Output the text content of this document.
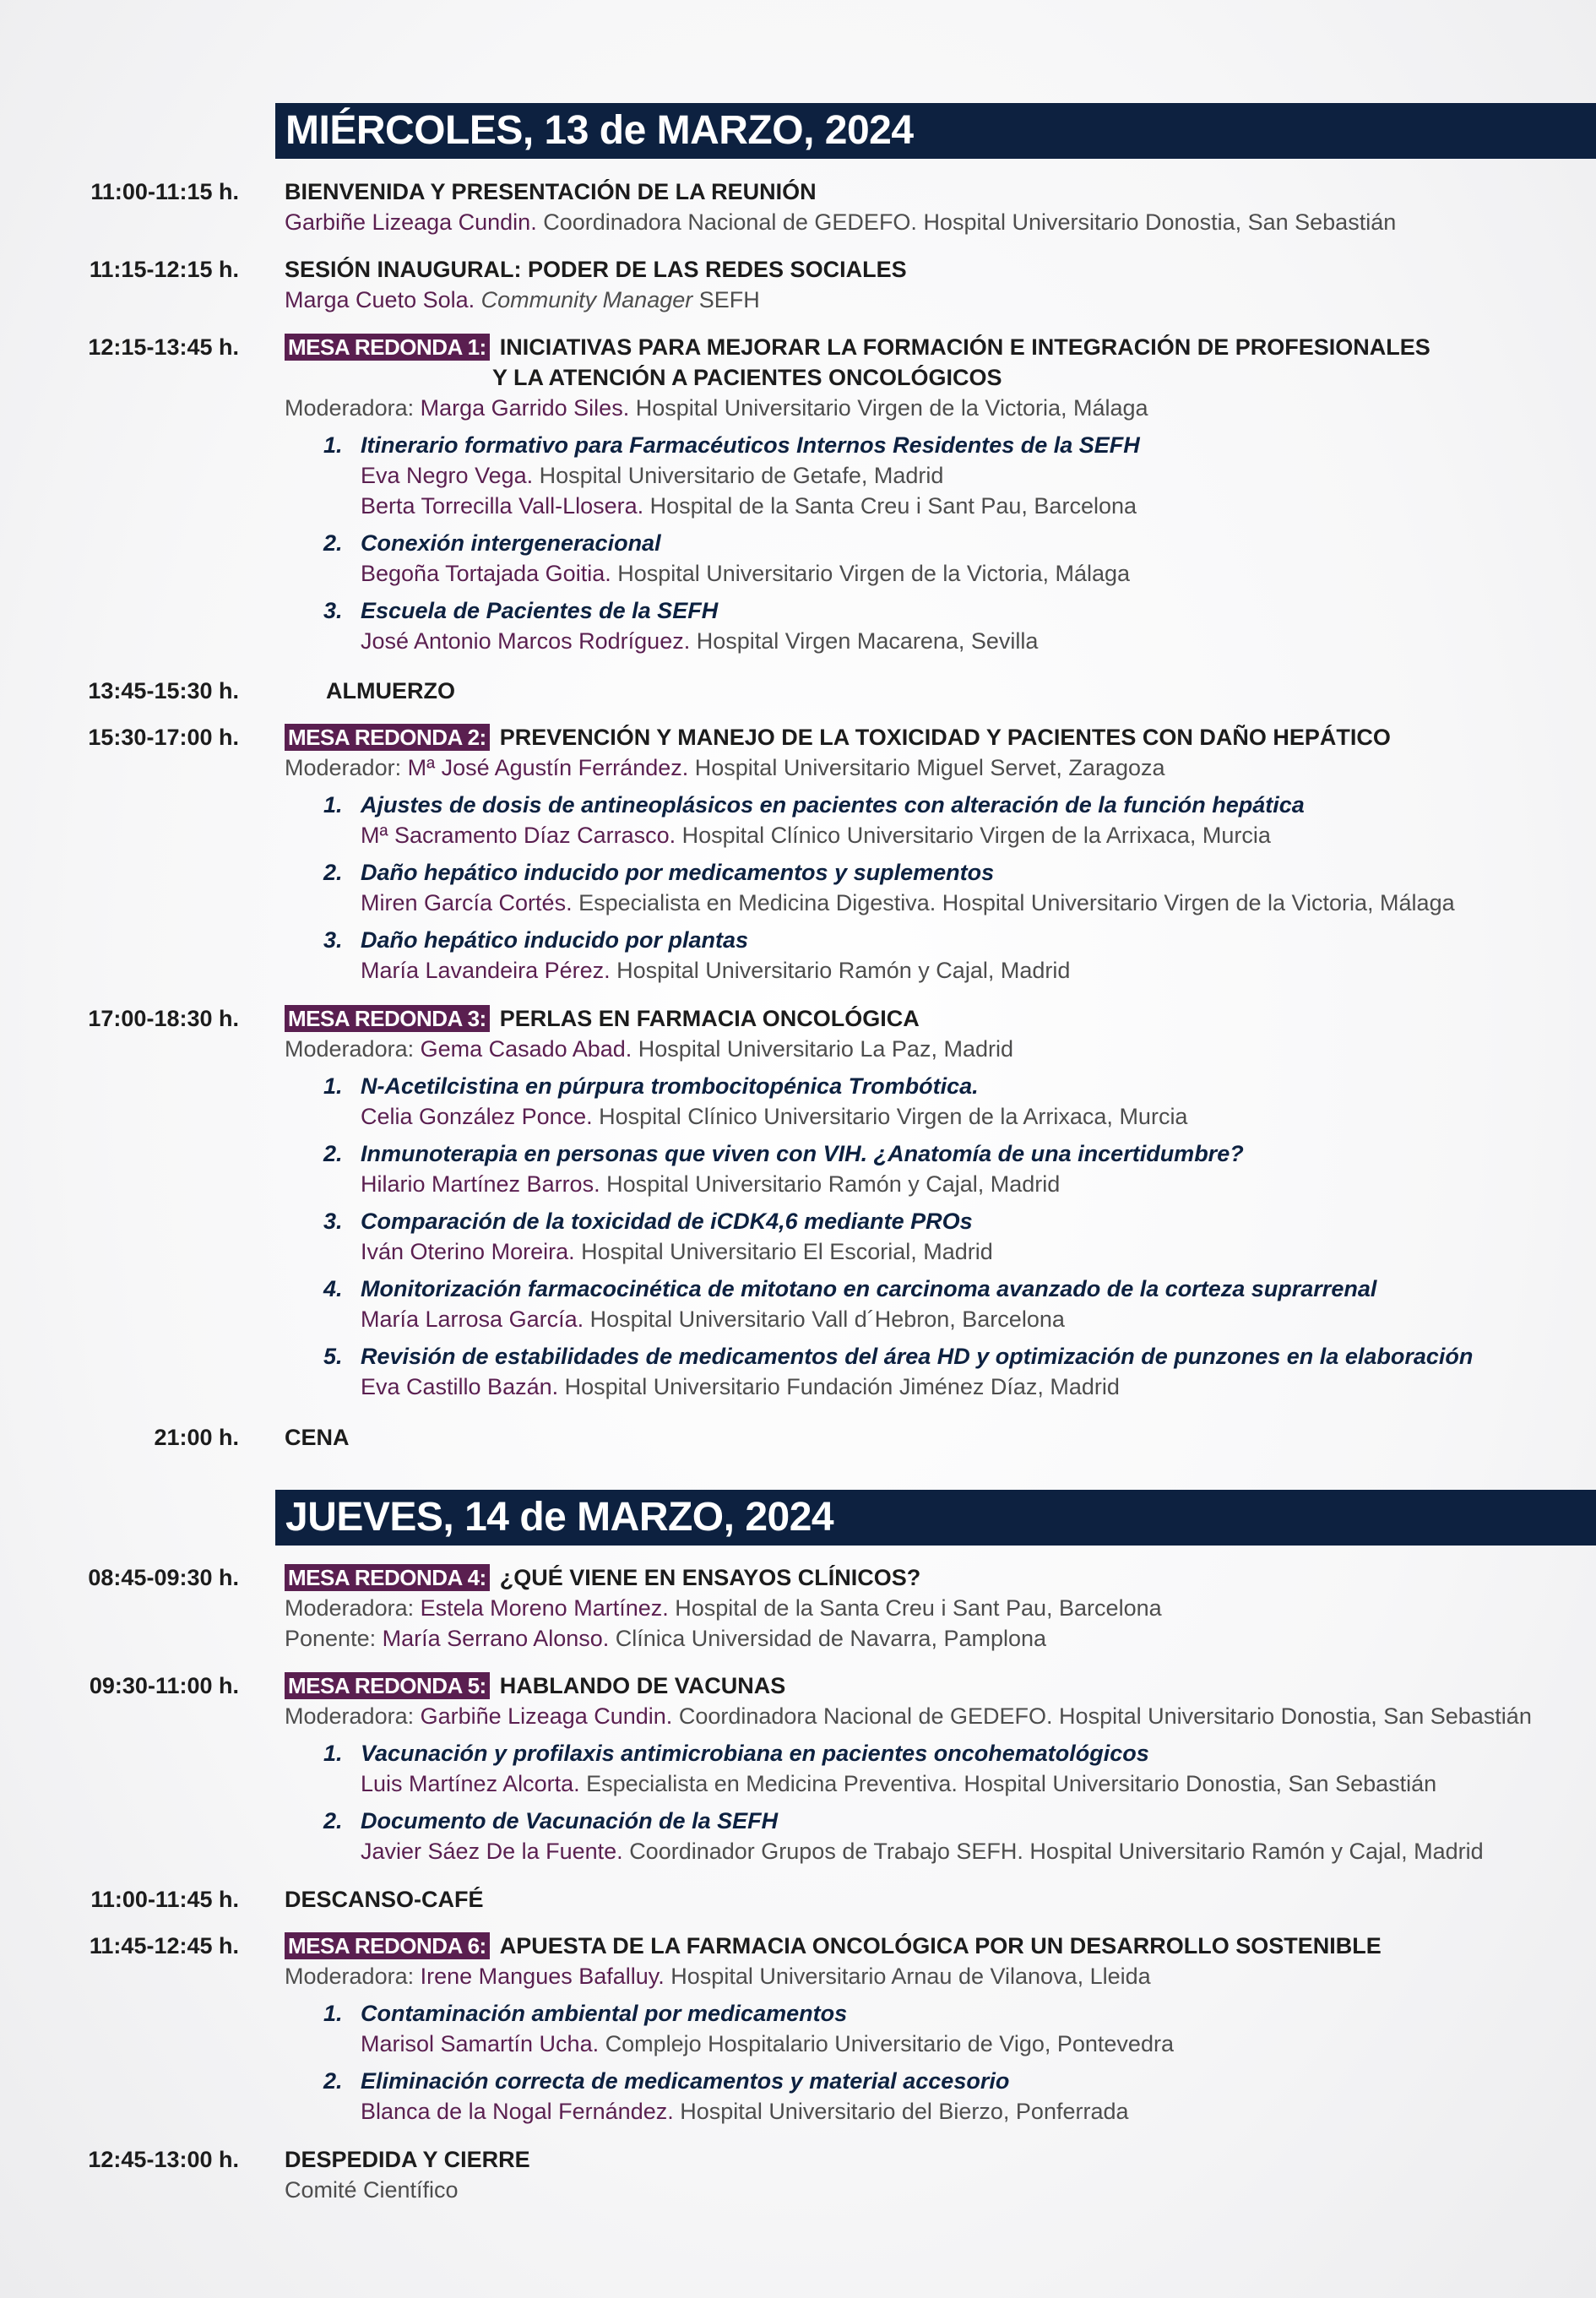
MIÉRCOLES, 13 de MARZO, 2024
11:00-11:15 h. BIENVENIDA Y PRESENTACIÓN DE LA REUNIÓN
Garbiñe Lizeaga Cundin. Coordinadora Nacional de GEDEFO. Hospital Universitario Donostia, San Sebastián
11:15-12:15 h. SESIÓN INAUGURAL: PODER DE LAS REDES SOCIALES
Marga Cueto Sola. Community Manager SEFH
12:15-13:45 h. MESA REDONDA 1: INICIATIVAS PARA MEJORAR LA FORMACIÓN E INTEGRACIÓN DE PROFESIONALES
Y LA ATENCIÓN A PACIENTES ONCOLÓGICOS
Moderadora: Marga Garrido Siles. Hospital Universitario Virgen de la Victoria, Málaga
1. Itinerario formativo para Farmacéuticos Internos Residentes de la SEFH
Eva Negro Vega. Hospital Universitario de Getafe, Madrid
Berta Torrecilla Vall-Llosera. Hospital de la Santa Creu i Sant Pau, Barcelona
2. Conexión intergeneracional
Begoña Tortajada Goitia. Hospital Universitario Virgen de la Victoria, Málaga
3. Escuela de Pacientes de la SEFH
José Antonio Marcos Rodríguez. Hospital Virgen Macarena, Sevilla
13:45-15:30 h.	ALMUERZO
15:30-17:00 h. MESA REDONDA 2: PREVENCIÓN Y MANEJO DE LA TOXICIDAD Y PACIENTES CON DAÑO HEPÁTICO
Moderador: Mª José Agustín Ferrández. Hospital Universitario Miguel Servet, Zaragoza
1. Ajustes de dosis de antineoplásicos en pacientes con alteración de la función hepática
Mª Sacramento Díaz Carrasco. Hospital Clínico Universitario Virgen de la Arrixaca, Murcia
2. Daño hepático inducido por medicamentos y suplementos
Miren García Cortés. Especialista en Medicina Digestiva. Hospital Universitario Virgen de la Victoria, Málaga
3. Daño hepático inducido por plantas
María Lavandeira Pérez. Hospital Universitario Ramón y Cajal, Madrid
17:00-18:30 h. MESA REDONDA 3: PERLAS EN FARMACIA ONCOLÓGICA
Moderadora: Gema Casado Abad. Hospital Universitario La Paz, Madrid
1. N-Acetilcistina en púrpura trombocitopénica Trombótica.
Celia González Ponce. Hospital Clínico Universitario Virgen de la Arrixaca, Murcia
2. Inmunoterapia en personas que viven con VIH. ¿Anatomía de una incertidumbre?
Hilario Martínez Barros. Hospital Universitario Ramón y Cajal, Madrid
3. Comparación de la toxicidad de iCDK4,6 mediante PROs
Iván Oterino Moreira. Hospital Universitario El Escorial, Madrid
4. Monitorización farmacocinética de mitotano en carcinoma avanzado de la corteza suprarrenal
María Larrosa García. Hospital Universitario Vall d´Hebron, Barcelona
5. Revisión de estabilidades de medicamentos del área HD y optimización de punzones en la elaboración
Eva Castillo Bazán. Hospital Universitario Fundación Jiménez Díaz, Madrid
21:00 h. CENA
JUEVES, 14 de MARZO, 2024
08:45-09:30 h. MESA REDONDA 4: ¿QUÉ VIENE EN ENSAYOS CLÍNICOS?
Moderadora: Estela Moreno Martínez. Hospital de la Santa Creu i Sant Pau, Barcelona
Ponente: María Serrano Alonso. Clínica Universidad de Navarra, Pamplona
09:30-11:00 h. MESA REDONDA 5: HABLANDO DE VACUNAS
Moderadora: Garbiñe Lizeaga Cundin. Coordinadora Nacional de GEDEFO. Hospital Universitario Donostia, San Sebastián
1. Vacunación y profilaxis antimicrobiana en pacientes oncohematológicos
Luis Martínez Alcorta. Especialista en Medicina Preventiva. Hospital Universitario Donostia, San Sebastián
2. Documento de Vacunación de la SEFH
Javier Sáez De la Fuente. Coordinador Grupos de Trabajo SEFH. Hospital Universitario Ramón y Cajal, Madrid
11:00-11:45 h. DESCANSO-CAFÉ
11:45-12:45 h. MESA REDONDA 6: APUESTA DE LA FARMACIA ONCOLÓGICA POR UN DESARROLLO SOSTENIBLE
Moderadora: Irene Mangues Bafalluy. Hospital Universitario Arnau de Vilanova, Lleida
1. Contaminación ambiental por medicamentos
Marisol Samartín Ucha. Complejo Hospitalario Universitario de Vigo, Pontevedra
2. Eliminación correcta de medicamentos y material accesorio
Blanca de la Nogal Fernández. Hospital Universitario del Bierzo, Ponferrada
12:45-13:00 h. DESPEDIDA Y CIERRE
Comité Científico
